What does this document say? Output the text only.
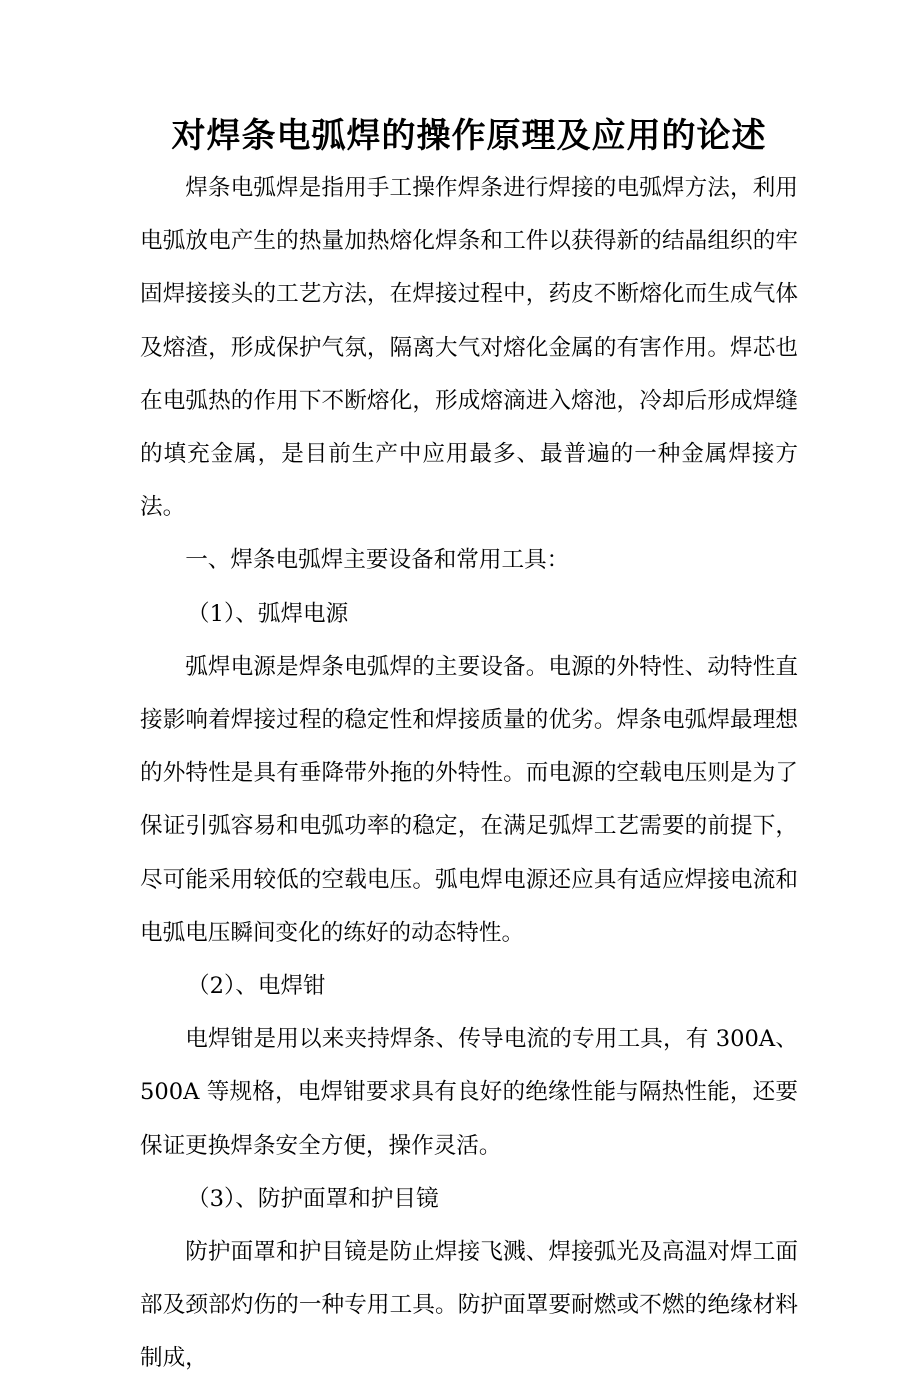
对焊条电弧焊的操作原理及应用的论述

焊条电弧焊是指用手工操作焊条进行焊接的电弧焊方法，利用电弧放电产生的热量加热熔化焊条和工件以获得新的结晶组织的牢固焊接接头的工艺方法，在焊接过程中，药皮不断熔化而生成气体及熔渣，形成保护气氛，隔离大气对熔化金属的有害作用。焊芯也在电弧热的作用下不断熔化，形成熔滴进入熔池，冷却后形成焊缝的填充金属，是目前生产中应用最多、最普遍的一种金属焊接方法。

一、焊条电弧焊主要设备和常用工具：

（1）、弧焊电源

弧焊电源是焊条电弧焊的主要设备。电源的外特性、动特性直接影响着焊接过程的稳定性和焊接质量的优劣。焊条电弧焊最理想的外特性是具有垂降带外拖的外特性。而电源的空载电压则是为了保证引弧容易和电弧功率的稳定，在满足弧焊工艺需要的前提下，尽可能采用较低的空载电压。弧电焊电源还应具有适应焊接电流和电弧电压瞬间变化的练好的动态特性。

（2）、电焊钳

电焊钳是用以来夹持焊条、传导电流的专用工具，有 300A、500A 等规格，电焊钳要求具有良好的绝缘性能与隔热性能，还要保证更换焊条安全方便，操作灵活。

（3）、防护面罩和护目镜

防护面罩和护目镜是防止焊接飞溅、焊接弧光及高温对焊工面部及颈部灼伤的一种专用工具。防护面罩要耐燃或不燃的绝缘材料制成，
